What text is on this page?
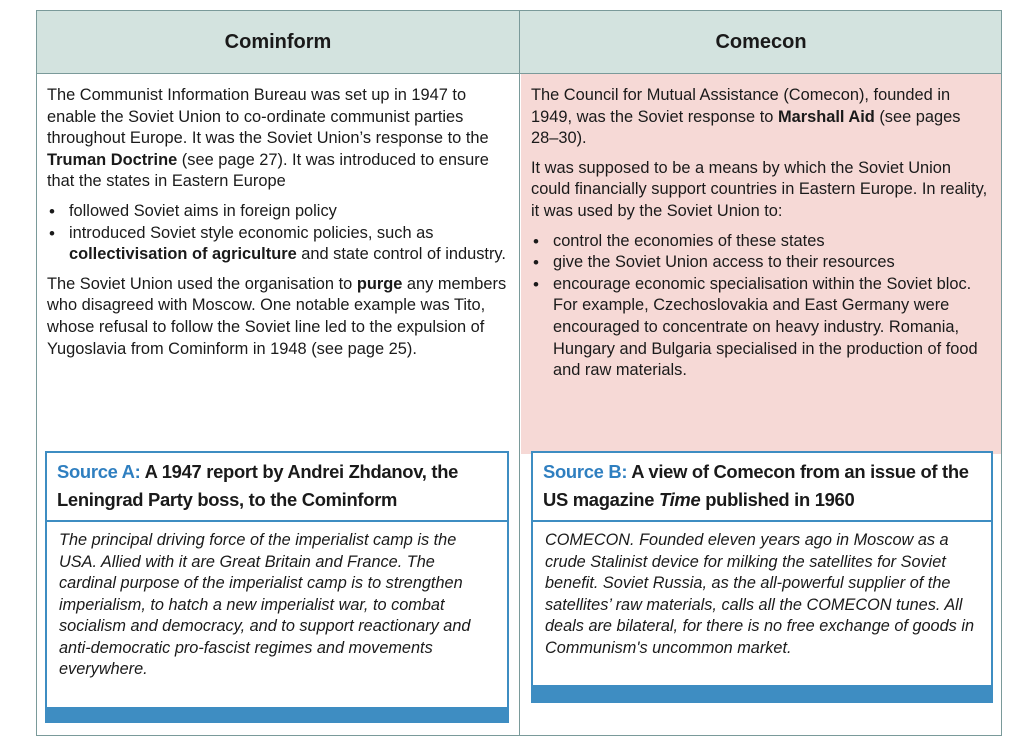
Cominform	Comecon

The Communist Information Bureau was set up in 1947 to enable the Soviet Union to co-ordinate communist parties throughout Europe. It was the Soviet Union’s response to the Truman Doctrine (see page 27). It was introduced to ensure that the states in Eastern Europe

• followed Soviet aims in foreign policy
• introduced Soviet style economic policies, such as collectivisation of agriculture and state control of industry.

The Soviet Union used the organisation to purge any members who disagreed with Moscow. One notable example was Tito, whose refusal to follow the Soviet line led to the expulsion of Yugoslavia from Cominform in 1948 (see page 25).

The Council for Mutual Assistance (Comecon), founded in 1949, was the Soviet response to Marshall Aid (see pages 28–30).

It was supposed to be a means by which the Soviet Union could financially support countries in Eastern Europe. In reality, it was used by the Soviet Union to:

• control the economies of these states
• give the Soviet Union access to their resources
• encourage economic specialisation within the Soviet bloc. For example, Czechoslovakia and East Germany were encouraged to concentrate on heavy industry. Romania, Hungary and Bulgaria specialised in the production of food and raw materials.
Source A: A 1947 report by Andrei Zhdanov, the Leningrad Party boss, to the Cominform
The principal driving force of the imperialist camp is the USA. Allied with it are Great Britain and France. The cardinal purpose of the imperialist camp is to strengthen imperialism, to hatch a new imperialist war, to combat socialism and democracy, and to support reactionary and anti-democratic pro-fascist regimes and movements everywhere.
Source B: A view of Comecon from an issue of the US magazine Time published in 1960
COMECON. Founded eleven years ago in Moscow as a crude Stalinist device for milking the satellites for Soviet benefit. Soviet Russia, as the all-powerful supplier of the satellites’ raw materials, calls all the COMECON tunes. All deals are bilateral, for there is no free exchange of goods in Communism's uncommon market.
